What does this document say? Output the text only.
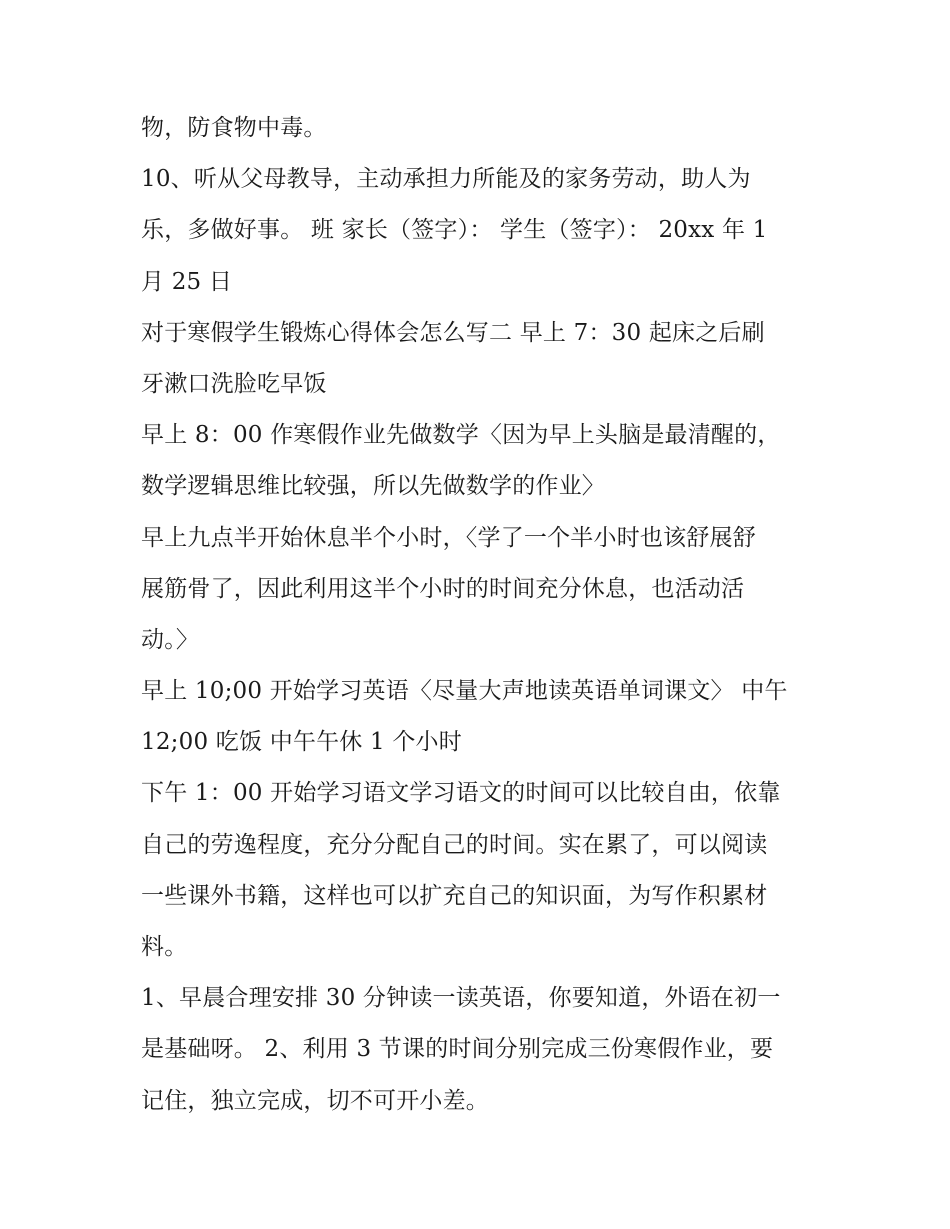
物，防食物中毒。
10、听从父母教导，主动承担力所能及的家务劳动，助人为
乐，多做好事。 班 家长（签字）： 学生（签字）： 20xx 年 1
月 25 日
对于寒假学生锻炼心得体会怎么写二 早上 7：30 起床之后刷
牙漱口洗脸吃早饭
早上 8：00 作寒假作业先做数学〈因为早上头脑是最清醒的，
数学逻辑思维比较强，所以先做数学的作业〉
早上九点半开始休息半个小时，〈学了一个半小时也该舒展舒
展筋骨了，因此利用这半个小时的时间充分休息，也活动活
动。〉
早上 10;00 开始学习英语〈尽量大声地读英语单词课文〉 中午
12;00 吃饭 中午午休 1 个小时
下午 1：00 开始学习语文学习语文的时间可以比较自由，依靠
自己的劳逸程度，充分分配自己的时间。实在累了，可以阅读
一些课外书籍，这样也可以扩充自己的知识面，为写作积累材
料。
1、早晨合理安排 30 分钟读一读英语，你要知道，外语在初一
是基础呀。 2、利用 3 节课的时间分别完成三份寒假作业，要
记住，独立完成，切不可开小差。
